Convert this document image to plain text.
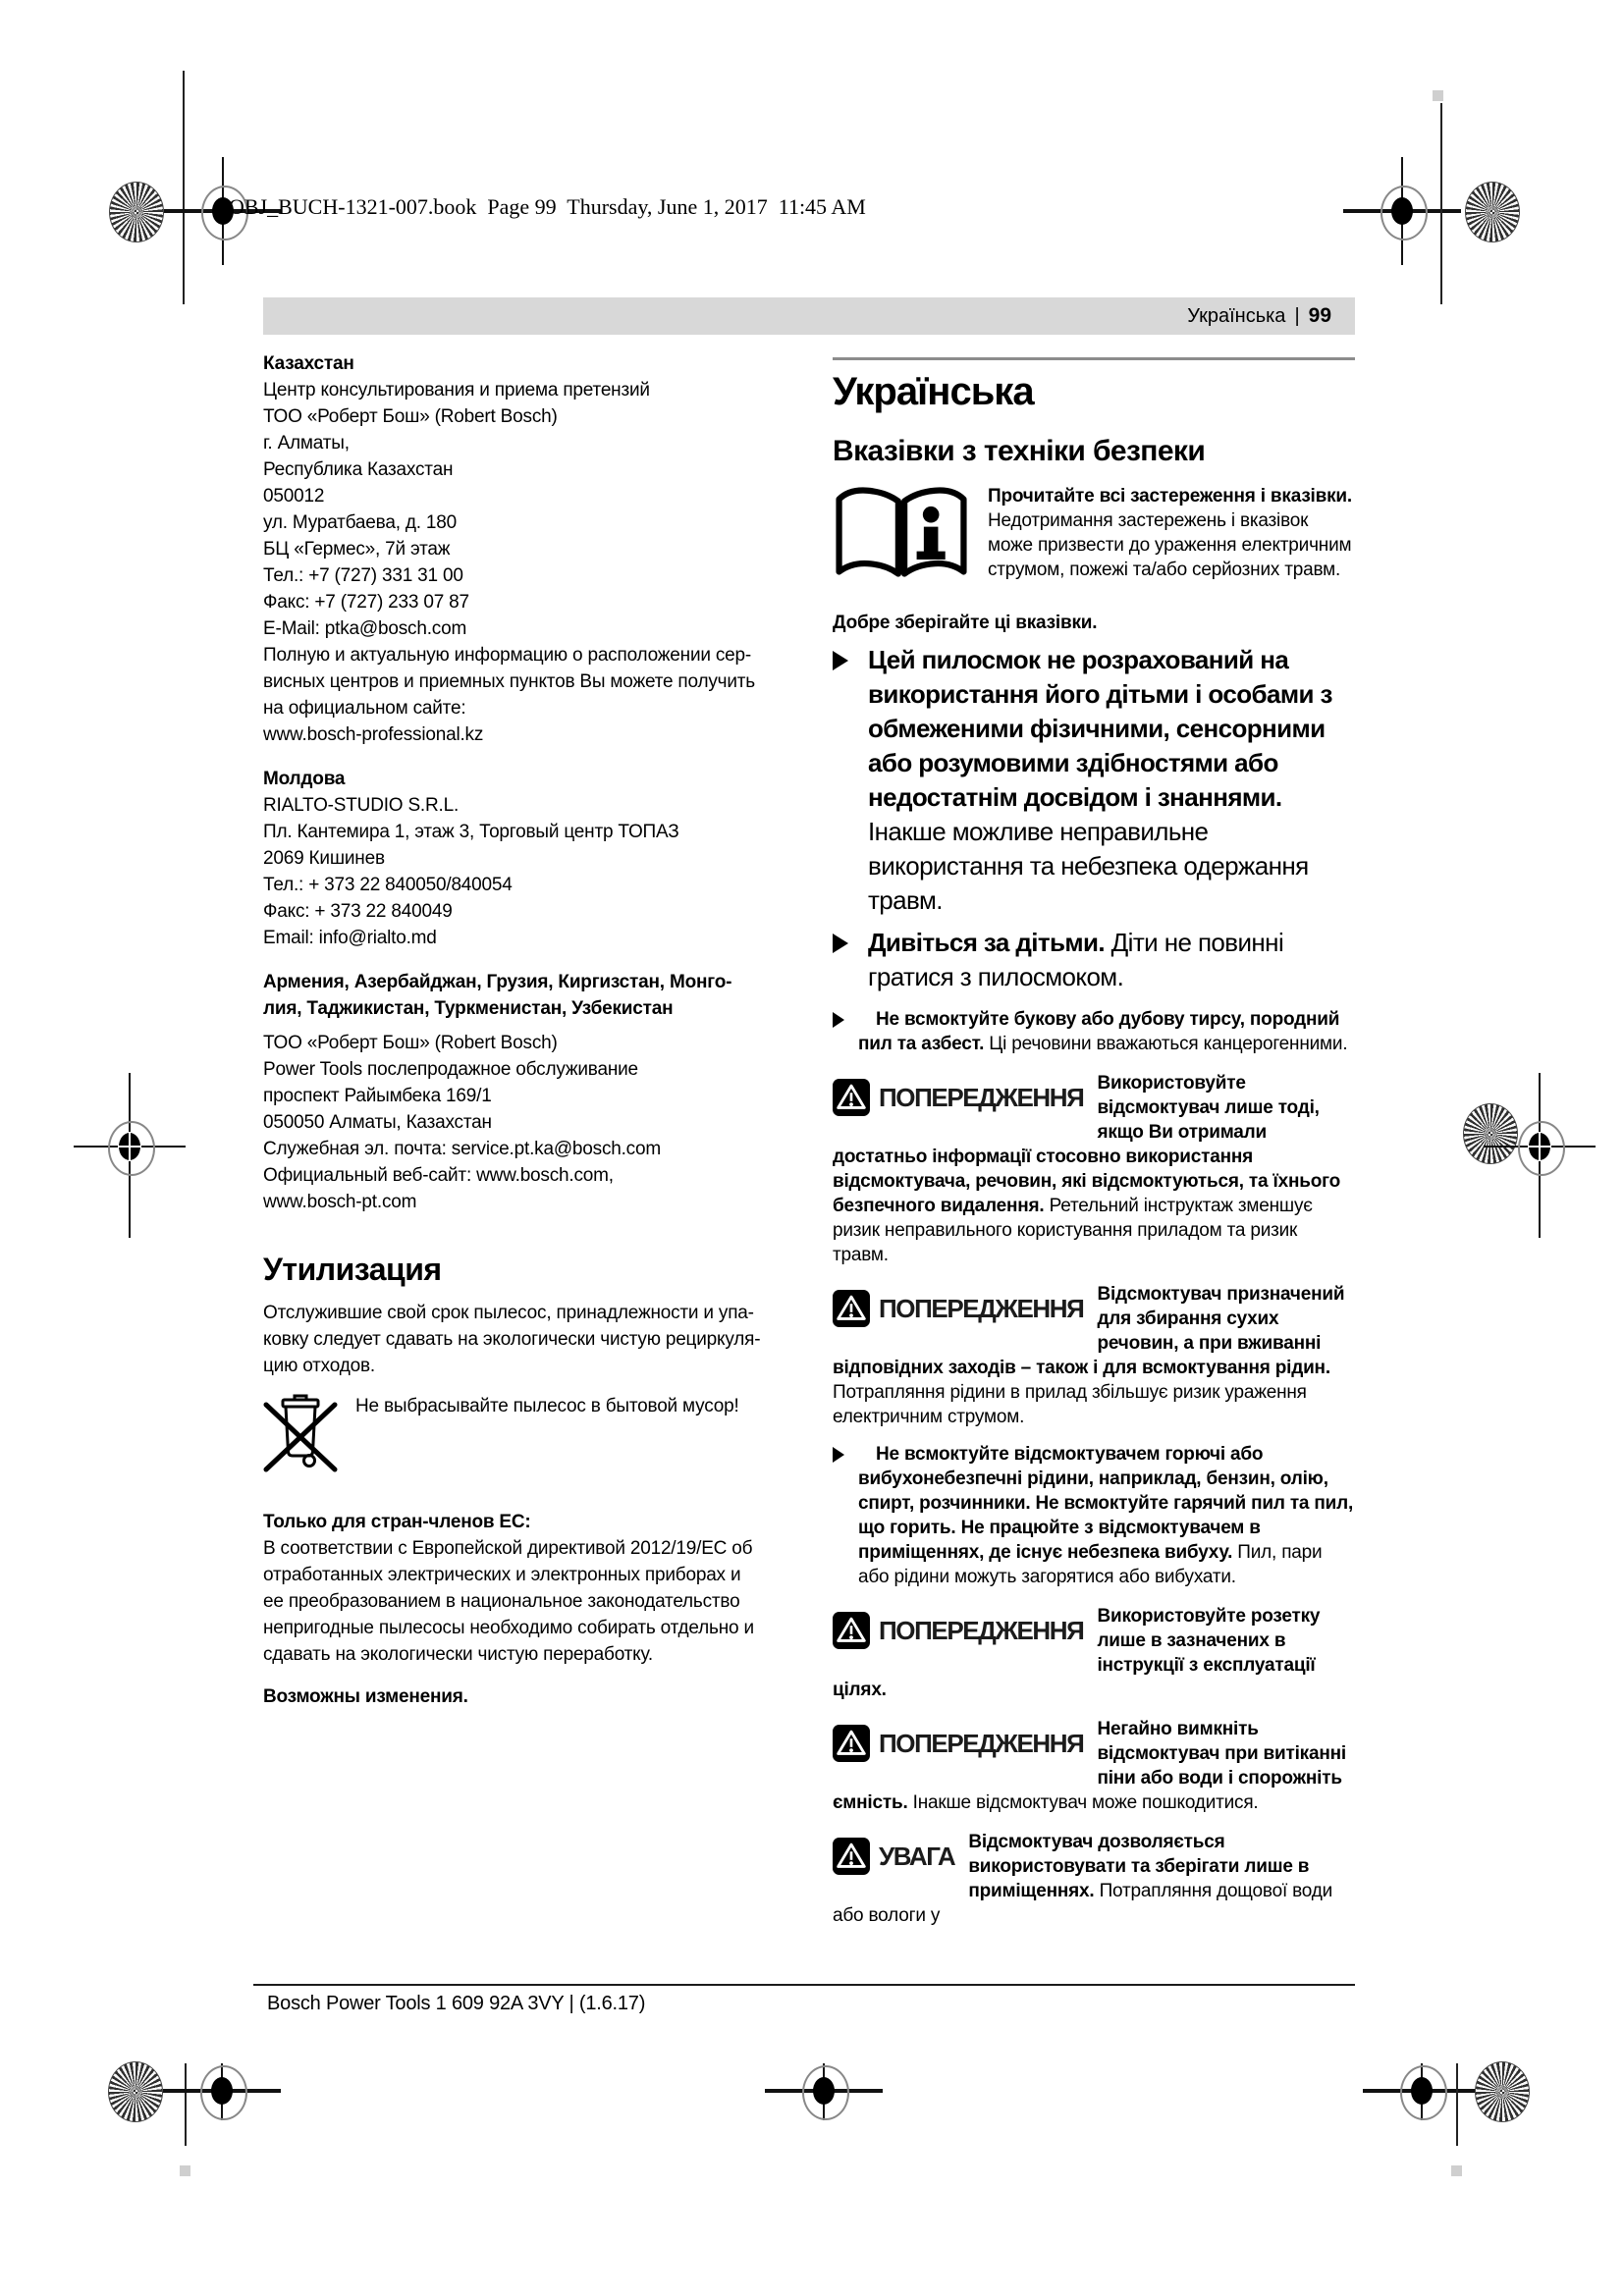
OBJ_BUCH-1321-007.book  Page 99  Thursday, June 1, 2017  11:45 AM
Українська | 99
Казахстан
Центр консультирования и приема претензий
ТОО «Роберт Бош» (Robert Bosch)
г. Алматы,
Республика Казахстан
050012
ул. Муратбаева, д. 180
БЦ «Гермес», 7й этаж
Тел.: +7 (727) 331 31 00
Факс: +7 (727) 233 07 87
E-Mail: ptka@bosch.com
Полную и актуальную информацию о расположении сер-
висных центров и приемных пунктов Вы можете получить
на официальном сайте:
www.bosch-professional.kz
Молдова
RIALTO-STUDIO S.R.L.
Пл. Кантемира 1, этаж 3, Торговый центр ТОПАЗ
2069 Кишинев
Тел.: + 373 22 840050/840054
Факс: + 373 22 840049
Email: info@rialto.md
Армения, Азербайджан, Грузия, Киргизстан, Монго-
лия, Таджикистан, Туркменистан, Узбекистан
ТОО «Роберт Бош» (Robert Bosch)
Power Tools послепродажное обслуживание
проспект Райымбека 169/1
050050 Алматы, Казахстан
Служебная эл. почта: service.pt.ka@bosch.com
Официальный веб-сайт: www.bosch.com,
www.bosch-pt.com
Утилизация
Отслужившие свой срок пылесос, принадлежности и упа-
ковку следует сдавать на экологически чистую рециркуля-
цию отходов.
Не выбрасывайте пылесос в бытовой мусор!
Только для стран-членов ЕС:
В соответствии с Европейской директивой 2012/19/EC об
отработанных электрических и электронных приборах и
ее преобразованием в национальное законодательство
непригодные пылесосы необходимо собирать отдельно и
сдавать на экологически чистую переработку.
Возможны изменения.
Українська
Вказівки з техніки безпеки

Прочитайте всі застереження і вказівки. Недотримання застережень і вказівок може призвести до ураження електричним струмом, пожежі та/або серйозних травм.

Добре зберігайте ці вказівки.

Цей пилосмок не розрахований на використання його дітьми і особами з обмеженими фізичними, сенсорними або розумовими здібностями або недостатнім досвідом і знаннями. Інакше можливе неправильне використання та небезпека одержання травм.

Дивіться за дітьми. Діти не повинні гратися з пилосмоком.

Не всмоктуйте букову або дубову тирсу, породний пил та азбест. Ці речовини вважаються канцерогенними.

ПОПЕРЕДЖЕННЯ Використовуйте відсмоктувач лише тоді, якщо Ви отримали достатньо інформації стосовно використання відсмоктувача, речовин, які відсмоктуються, та їхнього безпечного видалення. Ретельний інструктаж зменшує ризик неправильного користування приладом та ризик травм.
ПОПЕРЕДЖЕННЯ Відсмоктувач призначений для збирання сухих речовин, а при вживанні відповідних заходів – також і для всмоктування рідин. Потрапляння рідини в прилад збільшує ризик ураження електричним струмом.

Не всмоктуйте відсмоктувачем горючі або вибухонебезпечні рідини, наприклад, бензин, олію, спирт, розчинники. Не всмоктуйте гарячий пил та пил, що горить. Не працюйте з відсмоктувачем в приміщеннях, де існує небезпека вибуху. Пил, пари або рідини можуть загорятися або вибухати.

ПОПЕРЕДЖЕННЯ Використовуйте розетку лише в зазначених в інструкції з експлуатації цілях.
ПОПЕРЕДЖЕННЯ Негайно вимкніть відсмоктувач при витіканні піни або води і спорожніть ємність. Інакше відсмоктувач може пошкодитися.
УВАГА Відсмоктувач дозволяється використовувати та зберігати лише в приміщеннях. Потрапляння дощової води або вологи у
Bosch Power Tools 1 609 92A 3VY | (1.6.17)
